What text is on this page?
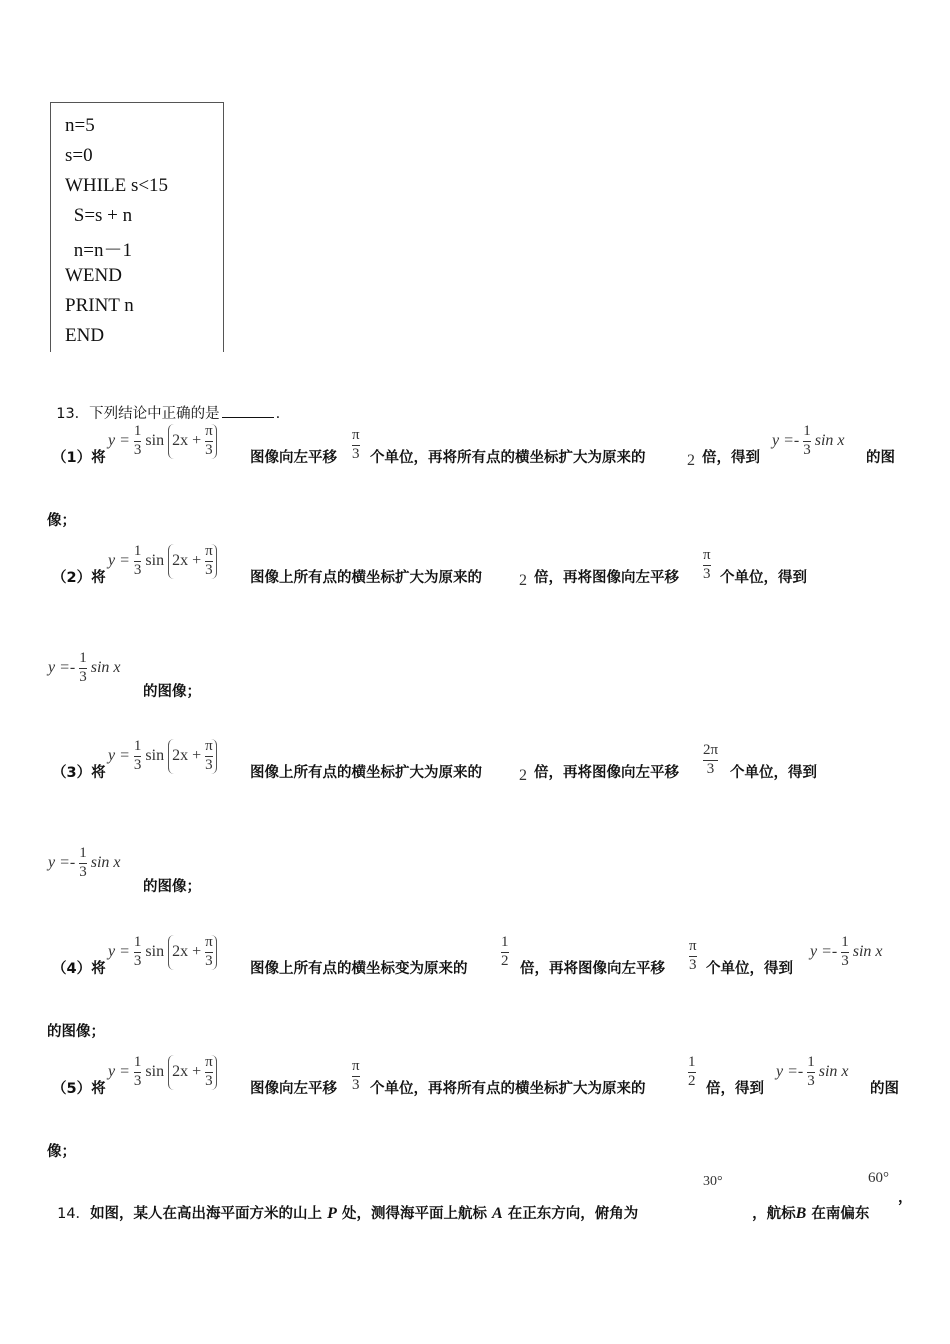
n=5
s=0
WHILE s<15
S=s + n
n=n－1
WEND
PRINT n
END

13．下列结论中正确的是	.

（1）将
$y = \frac{1}{3}$ $\sin 2x + \frac{\pi}{3}$	图像向左平移 $\frac{\pi}{3}$ 个单位，再将所有点的横坐标扩大为原来的	2 倍，得到
$y =- \frac{1}{3}$ sin x
的图
像；
（2）将
$y = \frac{1}{3}$ $\sin 2x + \frac{\pi}{3}$	图像上所有点的横坐标扩大为原来的 2 倍，再将图像向左平移 $\frac{\pi}{3}$ 个单位，得到
$y =- \frac{1}{3}$ sin x
的图像；
（3）将
$y = \frac{1}{3}$ $\sin 2x + \frac{\pi}{3}$	图像上所有点的横坐标扩大为原来的 2 倍，再将图像向左平移 $\frac{2\pi}{3}$ 个单位，得到
$y =- \frac{1}{3}$ sin x
的图像；
（4）将
$y = \frac{1}{3}$ $\sin 2x + \frac{\pi}{3}$	图像上所有点的横坐标变为原来的 $\frac{1}{2}$ 倍，再将图像向左平移 $\frac{\pi}{3}$ 个单位，得到
$y =- \frac{1}{3}$ sin x
的图像；
（5）将
$y = \frac{1}{3}$ $\sin 2x + \frac{\pi}{3}$	图像向左平移 $\frac{\pi}{3}$ 个单位，再将所有点的横坐标扩大为原来的	$\frac{1}{2}$ 倍，得到
$y =- \frac{1}{3}$ sin x
的图
像；

14．如图，某人在高出海平面方米的山上 P 处，测得海平面上航标 A 在正东方向，俯角为

30°

，航标B 在南偏东

60°
，
